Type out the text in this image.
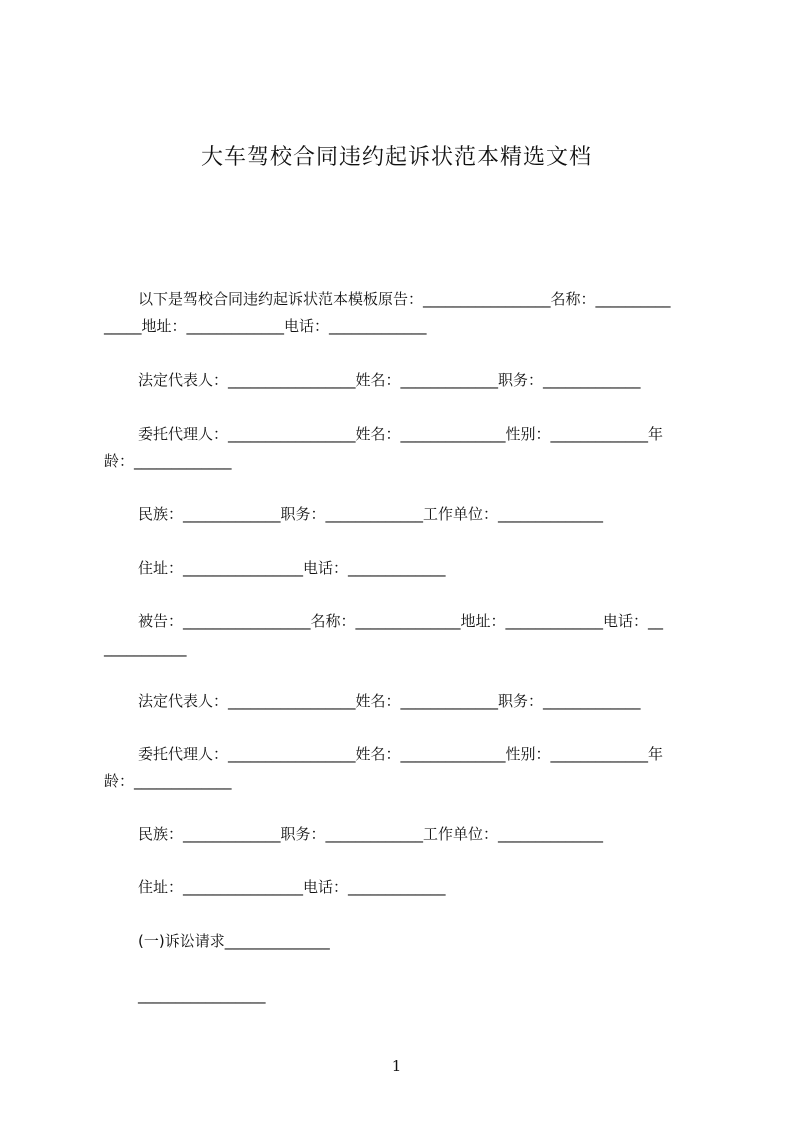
大车驾校合同违约起诉状范本精选文档
以下是驾校合同违约起诉状范本模板原告：_________________名称：__________
_____地址：_____________电话：_____________
法定代表人：_________________姓名：_____________职务：_____________
委托代理人：_________________姓名：______________性别：_____________年
龄：_____________
民族：_____________职务：_____________工作单位：______________
住址：________________电话：_____________
被告：_________________名称：______________地址：_____________电话：__
___________
法定代表人：_________________姓名：_____________职务：_____________
委托代理人：_________________姓名：______________性别：_____________年
龄：_____________
民族：_____________职务：_____________工作单位：______________
住址：________________电话：_____________
(一)诉讼请求______________
_________________
1
